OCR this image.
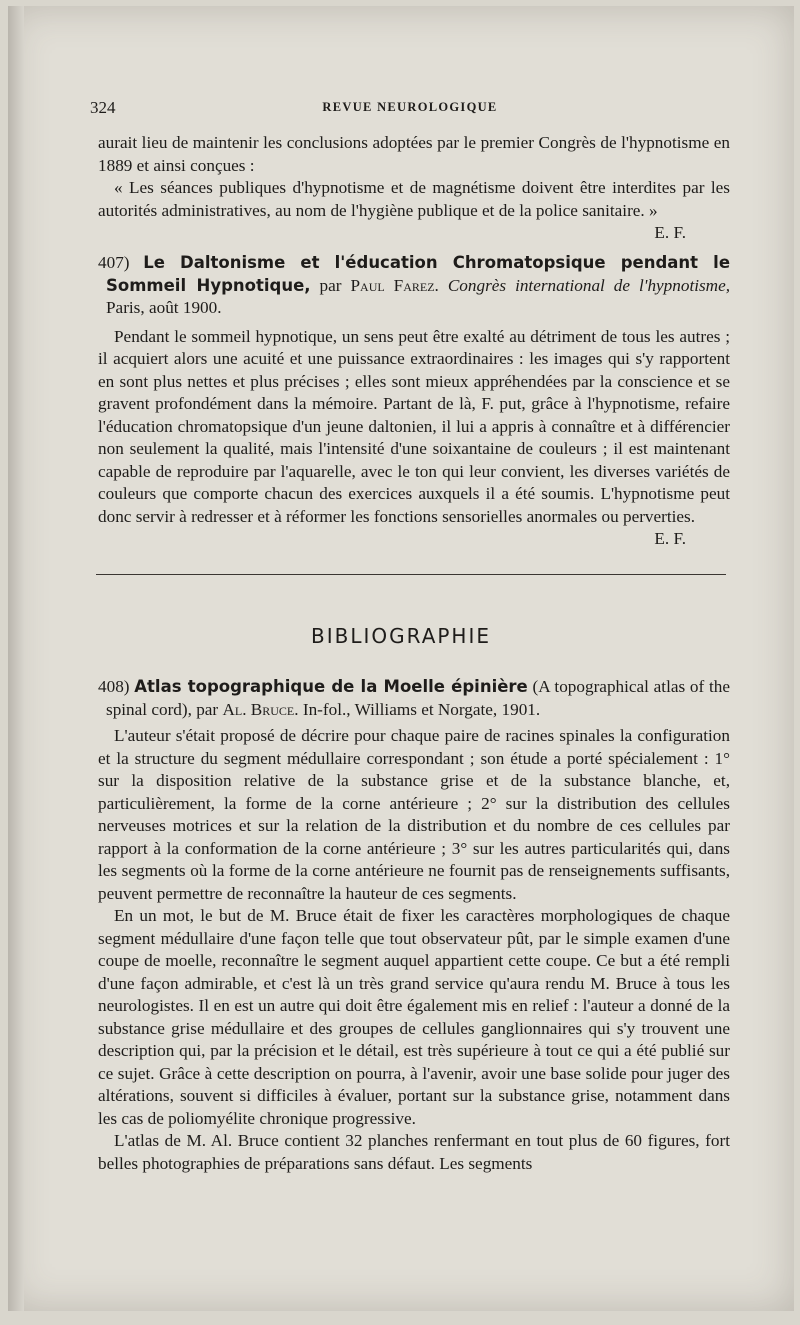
324	REVUE NEUROLOGIQUE

aurait lieu de maintenir les conclusions adoptées par le premier Congrès de l'hypnotisme en 1889 et ainsi conçues :

« Les séances publiques d'hypnotisme et de magnétisme doivent être interdites par les autorités administratives, au nom de l'hygiène publique et de la police sanitaire. »
E. F.

407) Le Daltonisme et l'éducation Chromatopsique pendant le Sommeil Hypnotique, par Paul Farez. Congrès international de l'hypnotisme, Paris, août 1900.

Pendant le sommeil hypnotique, un sens peut être exalté au détriment de tous les autres ; il acquiert alors une acuité et une puissance extraordinaires : les images qui s'y rapportent en sont plus nettes et plus précises ; elles sont mieux appréhendées par la conscience et se gravent profondément dans la mémoire. Partant de là, F. put, grâce à l'hypnotisme, refaire l'éducation chromatopsique d'un jeune daltonien, il lui a appris à connaître et à différencier non seulement la qualité, mais l'intensité d'une soixantaine de couleurs ; il est maintenant capable de reproduire par l'aquarelle, avec le ton qui leur convient, les diverses variétés de couleurs que comporte chacun des exercices auxquels il a été soumis. L'hypnotisme peut donc servir à redresser et à réformer les fonctions sensorielles anormales ou perverties.
E. F.

BIBLIOGRAPHIE

408) Atlas topographique de la Moelle épinière (A topographical atlas of the spinal cord), par Al. Bruce. In-fol., Williams et Norgate, 1901.

L'auteur s'était proposé de décrire pour chaque paire de racines spinales la configuration et la structure du segment médullaire correspondant ; son étude a porté spécialement : 1° sur la disposition relative de la substance grise et de la substance blanche, et, particulièrement, la forme de la corne antérieure ; 2° sur la distribution des cellules nerveuses motrices et sur la relation de la distribution et du nombre de ces cellules par rapport à la conformation de la corne antérieure ; 3° sur les autres particularités qui, dans les segments où la forme de la corne antérieure ne fournit pas de renseignements suffisants, peuvent permettre de reconnaître la hauteur de ces segments.

En un mot, le but de M. Bruce était de fixer les caractères morphologiques de chaque segment médullaire d'une façon telle que tout observateur pût, par le simple examen d'une coupe de moelle, reconnaître le segment auquel appartient cette coupe. Ce but a été rempli d'une façon admirable, et c'est là un très grand service qu'aura rendu M. Bruce à tous les neurologistes. Il en est un autre qui doit être également mis en relief : l'auteur a donné de la substance grise médullaire et des groupes de cellules ganglionnaires qui s'y trouvent une description qui, par la précision et le détail, est très supérieure à tout ce qui a été publié sur ce sujet. Grâce à cette description on pourra, à l'avenir, avoir une base solide pour juger des altérations, souvent si difficiles à évaluer, portant sur la substance grise, notamment dans les cas de poliomyélite chronique progressive.

L'atlas de M. Al. Bruce contient 32 planches renfermant en tout plus de 60 figures, fort belles photographies de préparations sans défaut. Les segments
